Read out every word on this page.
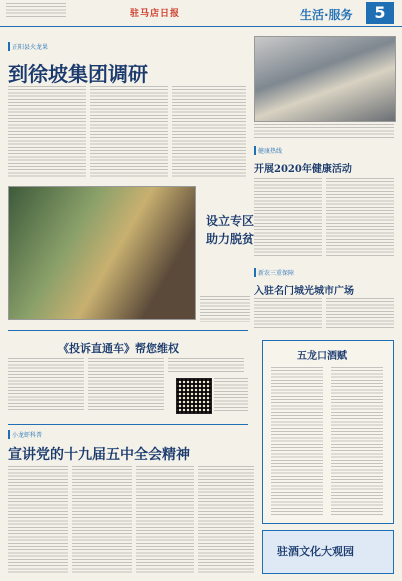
驻马店日报	生活·服务	5
正阳县火龙果
到徐坡集团调研
健康热线
开展2020年健康活动
设立专区
助力脱贫
新农三重保障
入驻名门城光城市广场
《投诉直通车》帮您维权
五龙口酒赋
小龙虾科普
宣讲党的十九届五中全会精神
驻酒文化大观园
